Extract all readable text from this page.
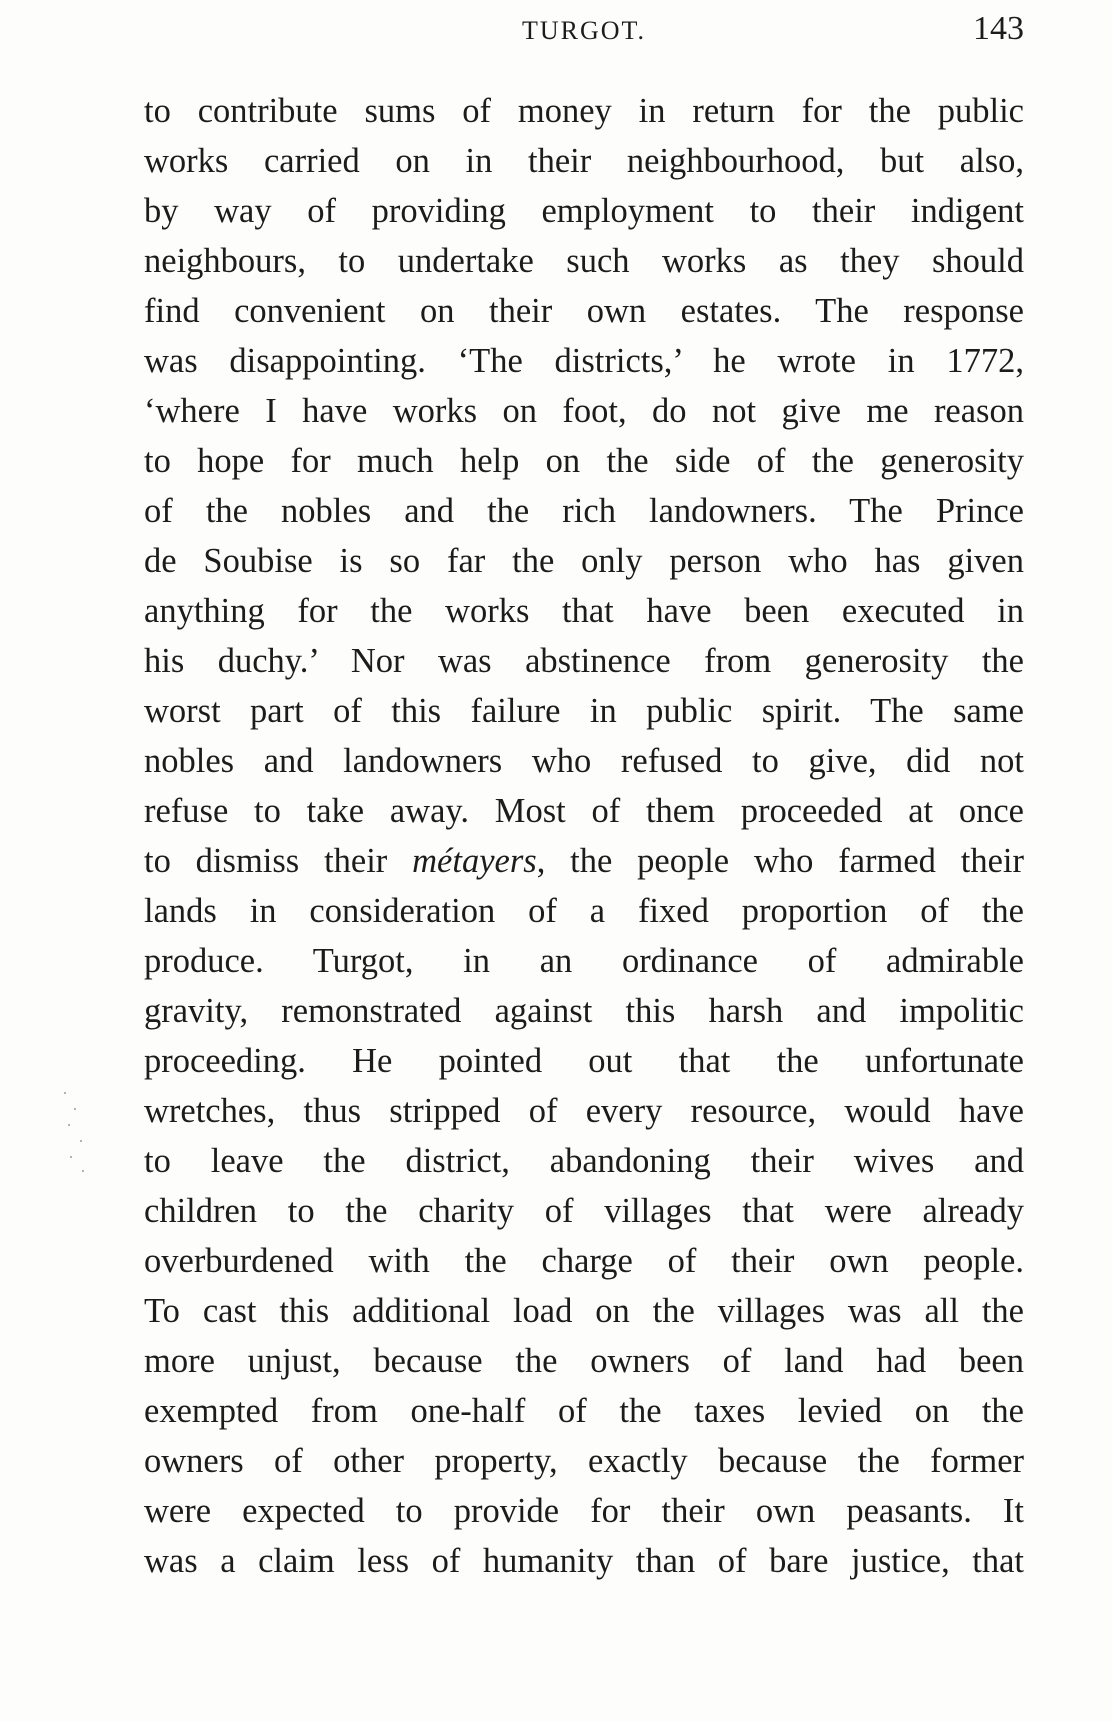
TURGOT.	143
to contribute sums of money in return for the public
works carried on in their neighbourhood, but also,
by way of providing employment to their indigent
neighbours, to undertake such works as they should
find convenient on their own estates. The response
was disappointing. ‘The districts,’ he wrote in 1772,
‘where I have works on foot, do not give me reason
to hope for much help on the side of the generosity
of the nobles and the rich landowners. The Prince
de Soubise is so far the only person who has given
anything for the works that have been executed in
his duchy.’ Nor was abstinence from generosity the
worst part of this failure in public spirit. The same
nobles and landowners who refused to give, did not
refuse to take away. Most of them proceeded at once
to dismiss their métayers, the people who farmed their
lands in consideration of a fixed proportion of the
produce. Turgot, in an ordinance of admirable
gravity, remonstrated against this harsh and impolitic
proceeding. He pointed out that the unfortunate
wretches, thus stripped of every resource, would have
to leave the district, abandoning their wives and
children to the charity of villages that were already
overburdened with the charge of their own people.
To cast this additional load on the villages was all the
more unjust, because the owners of land had been
exempted from one-half of the taxes levied on the
owners of other property, exactly because the former
were expected to provide for their own peasants. It
was a claim less of humanity than of bare justice, that
